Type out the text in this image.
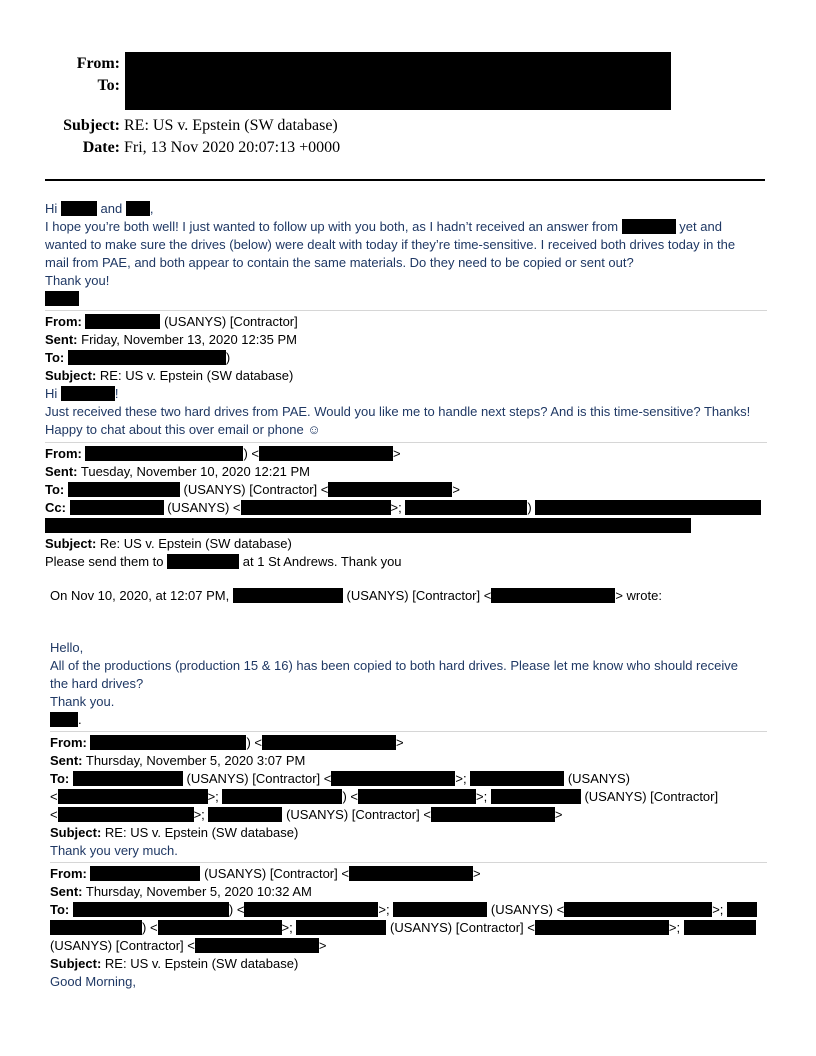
From:
To:
Subject: RE: US v. Epstein (SW database)
Date: Fri, 13 Nov 2020 20:07:13 +0000
Hi	and ,
I hope you’re both well! I just wanted to follow up with you both, as I hadn’t received an answer from	yet and
wanted to make sure the drives (below) were dealt with today if they’re time-sensitive. I received both drives today in the
mail from PAE, and both appear to contain the same materials. Do they need to be copied or sent out?
Thank you!
From:	(USANYS) [Contractor]
Sent: Friday, November 13, 2020 12:35 PM
To:	)
Subject: RE: US v. Epstein (SW database)
Hi	!
Just received these two hard drives from PAE. Would you like me to handle next steps? And is this time-sensitive? Thanks!
Happy to chat about this over email or phone ☺
From:	) <	>
Sent: Tuesday, November 10, 2020 12:21 PM
To:	(USANYS) [Contractor] <	>
Cc:	(USANYS) <	>;	)
Subject: Re: US v. Epstein (SW database)
Please send them to	at 1 St Andrews. Thank you
On Nov 10, 2020, at 12:07 PM,	(USANYS) [Contractor] <	> wrote:
Hello,
All of the productions (production 15 & 16) has been copied to both hard drives. Please let me know who should receive
the hard drives?
Thank you.
.
From:	) <	>
Sent: Thursday, November 5, 2020 3:07 PM
To:	(USANYS) [Contractor] <	>;	(USANYS)
<	>;	) <	>;	(USANYS) [Contractor]
<	>;	(USANYS) [Contractor] <	>
Subject: RE: US v. Epstein (SW database)
Thank you very much.
From:	(USANYS) [Contractor] <	>
Sent: Thursday, November 5, 2020 10:32 AM
To:	) <	>;	(USANYS) <	>;
) <	>;	(USANYS) [Contractor] <	>;
(USANYS) [Contractor] <	>
Subject: RE: US v. Epstein (SW database)
Good Morning,
